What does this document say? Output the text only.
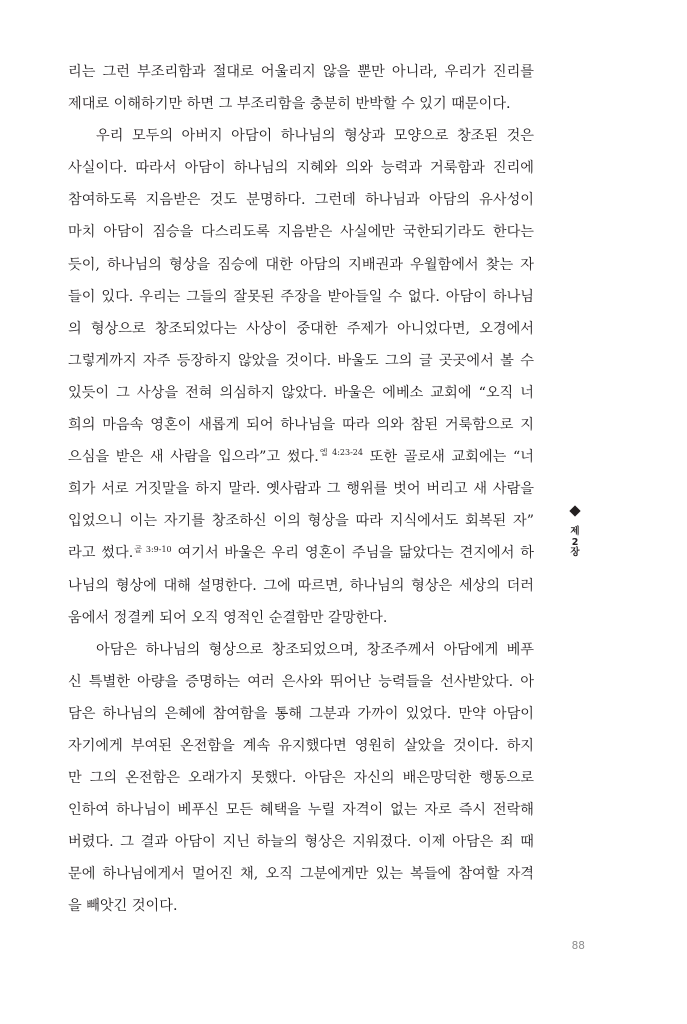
리는 그런 부조리함과 절대로 어울리지 않을 뿐만 아니라, 우리가 진리를
제대로 이해하기만 하면 그 부조리함을 충분히 반박할 수 있기 때문이다.
우리 모두의 아버지 아담이 하나님의 형상과 모양으로 창조된 것은
사실이다. 따라서 아담이 하나님의 지혜와 의와 능력과 거룩함과 진리에
참여하도록 지음받은 것도 분명하다. 그런데 하나님과 아담의 유사성이
마치 아담이 짐승을 다스리도록 지음받은 사실에만 국한되기라도 한다는
듯이, 하나님의 형상을 짐승에 대한 아담의 지배권과 우월함에서 찾는 자
들이 있다. 우리는 그들의 잘못된 주장을 받아들일 수 없다. 아담이 하나님
의 형상으로 창조되었다는 사상이 중대한 주제가 아니었다면, 오경에서
그렇게까지 자주 등장하지 않았을 것이다. 바울도 그의 글 곳곳에서 볼 수
있듯이 그 사상을 전혀 의심하지 않았다. 바울은 에베소 교회에 “오직 너
희의 마음속 영혼이 새롭게 되어 하나님을 따라 의와 참된 거룩함으로 지
으심을 받은 새 사람을 입으라”고 썼다.$^{엡 4:23-24}$ 또한 골로새 교회에는 “너
희가 서로 거짓말을 하지 말라. 옛사람과 그 행위를 벗어 버리고 새 사람을
입었으니 이는 자기를 창조하신 이의 형상을 따라 지식에서도 회복된 자”
라고 썼다.$^{골 3:9-10}$ 여기서 바울은 우리 영혼이 주님을 닮았다는 견지에서 하
나님의 형상에 대해 설명한다. 그에 따르면, 하나님의 형상은 세상의 더러
움에서 정결케 되어 오직 영적인 순결함만 갈망한다.
아담은 하나님의 형상으로 창조되었으며, 창조주께서 아담에게 베푸
신 특별한 아량을 증명하는 여러 은사와 뛰어난 능력들을 선사받았다. 아
담은 하나님의 은혜에 참여함을 통해 그분과 가까이 있었다. 만약 아담이
자기에게 부여된 온전함을 계속 유지했다면 영원히 살았을 것이다. 하지
만 그의 온전함은 오래가지 못했다. 아담은 자신의 배은망덕한 행동으로
인하여 하나님이 베푸신 모든 혜택을 누릴 자격이 없는 자로 즉시 전락해
버렸다. 그 결과 아담이 지닌 하늘의 형상은 지워졌다. 이제 아담은 죄 때
문에 하나님에게서 멀어진 채, 오직 그분에게만 있는 복들에 참여할 자격
을 빼앗긴 것이다.
제
2
장
88
